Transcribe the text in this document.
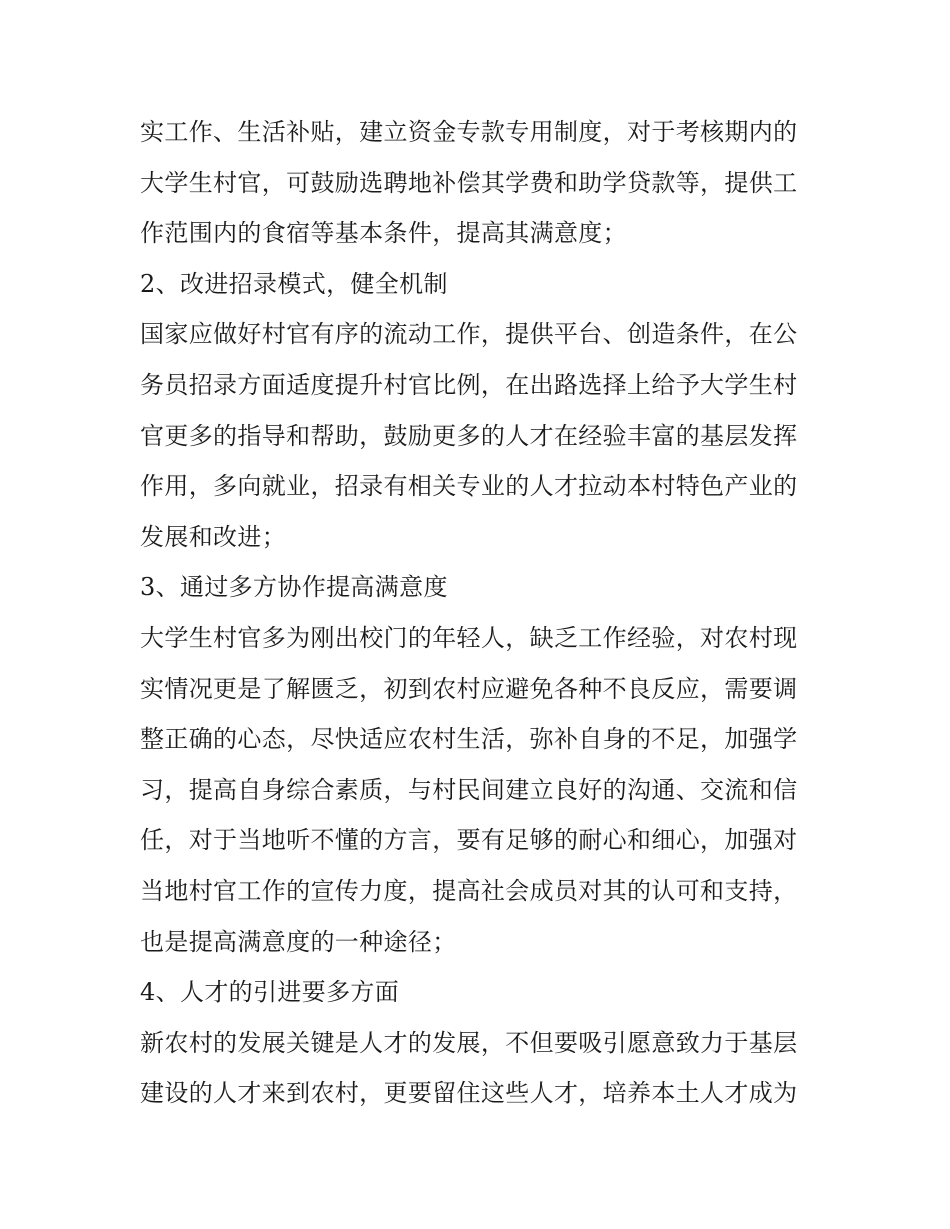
实工作、生活补贴，建立资金专款专用制度，对于考核期内的
大学生村官，可鼓励选聘地补偿其学费和助学贷款等，提供工
作范围内的食宿等基本条件，提高其满意度；
2、改进招录模式，健全机制
国家应做好村官有序的流动工作，提供平台、创造条件，在公
务员招录方面适度提升村官比例，在出路选择上给予大学生村
官更多的指导和帮助，鼓励更多的人才在经验丰富的基层发挥
作用，多向就业，招录有相关专业的人才拉动本村特色产业的
发展和改进；
3、通过多方协作提高满意度
大学生村官多为刚出校门的年轻人，缺乏工作经验，对农村现
实情况更是了解匮乏，初到农村应避免各种不良反应，需要调
整正确的心态，尽快适应农村生活，弥补自身的不足，加强学
习，提高自身综合素质，与村民间建立良好的沟通、交流和信
任，对于当地听不懂的方言，要有足够的耐心和细心，加强对
当地村官工作的宣传力度，提高社会成员对其的认可和支持，
也是提高满意度的一种途径；
4、人才的引进要多方面
新农村的发展关键是人才的发展，不但要吸引愿意致力于基层
建设的人才来到农村，更要留住这些人才，培养本土人才成为
